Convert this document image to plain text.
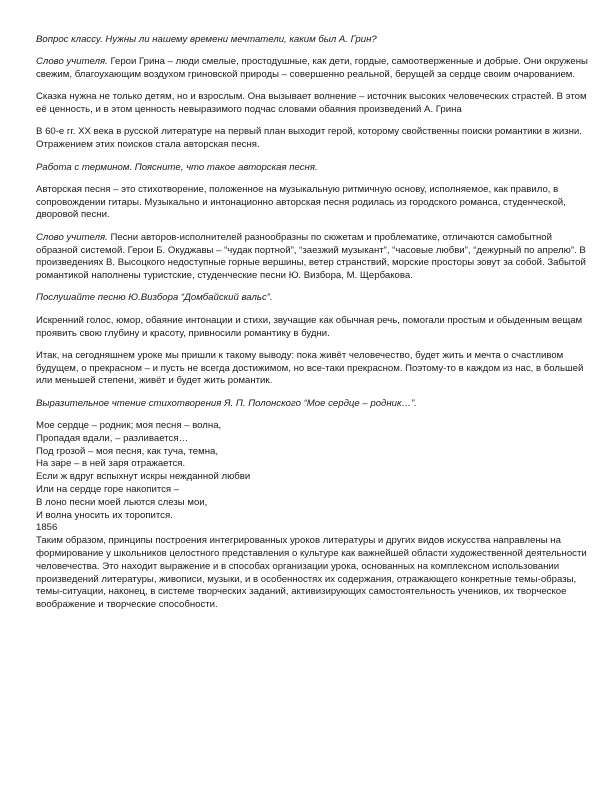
Вопрос классу. Нужны ли нашему времени мечтатели, каким был А. Грин?

Слово учителя. Герои Грина – люди смелые, простодушные, как дети, гордые, самоотверженные и добрые. Они окружены свежим, благоухающим воздухом гриновской природы – совершенно реальной, берущей за сердце своим очарованием.

Сказка нужна не только детям, но и взрослым. Она вызывает волнение – источник высоких человеческих страстей. В этом её ценность, и в этом ценность невыразимого подчас словами обаяния произведений А. Грина

В 60-е гг. XX века в русской литературе на первый план выходит герой, которому свойственны поиски романтики в жизни. Отражением этих поисков стала авторская песня.

Работа с термином. Поясните, что такое авторская песня.

Авторская песня – это стихотворение, положенное на музыкальную ритмичную основу, исполняемое, как правило, в сопровождении гитары. Музыкально и интонационно авторская песня родилась из городского романса, студенческой, дворовой песни.

Слово учителя. Песни авторов-исполнителей разнообразны по сюжетам и проблематике, отличаются самобытной образной системой. Герои Б. Окуджавы – “чудак портной”, “заезжий музыкант”, “часовые любви”, “дежурный по апрелю”. В произведениях В. Высоцкого недоступные горные вершины, ветер странствий, морские просторы зовут за собой. Забытой романтикой наполнены туристские, студенческие песни Ю. Визбора, М. Щербакова.

Послушайте песню Ю.Визбора “Домбайский вальс”.

Искренний голос, юмор, обаяние интонации и стихи, звучащие как обычная речь, помогали простым и обыденным вещам проявить свою глубину и красоту, привносили романтику в будни.

Итак, на сегодняшнем уроке мы пришли к такому выводу: пока живёт человечество, будет жить и мечта о счастливом будущем, о прекрасном – и пусть не всегда достижимом, но все-таки прекрасном. Поэтому-то в каждом из нас, в большей или меньшей степени, живёт и будет жить романтик.

Выразительное чтение стихотворения Я. П. Полонского “Мое сердце – родник…”.

Мое сердце – родник; моя песня – волна,
Пропадая вдали, – разливается…
Под грозой – моя песня, как туча, темна,
На заре – в ней заря отражается.
Если ж вдруг вспыхнут искры нежданной любви
Или на сердце горе накопится –
В лоно песни моей льются слезы мои,
И волна уносить их торопится.
1856

Таким образом, принципы построения интегрированных уроков литературы и других видов искусства направлены на формирование у школьников целостного представления о культуре как важнейшей области художественной деятельности человечества. Это находит выражение и в способах организации урока, основанных на комплексном использовании произведений литературы, живописи, музыки, и в особенностях их содержания, отражающего конкретные темы-образы, темы-ситуации, наконец, в системе творческих заданий, активизирующих самостоятельность учеников, их творческое воображение и творческие способности.
